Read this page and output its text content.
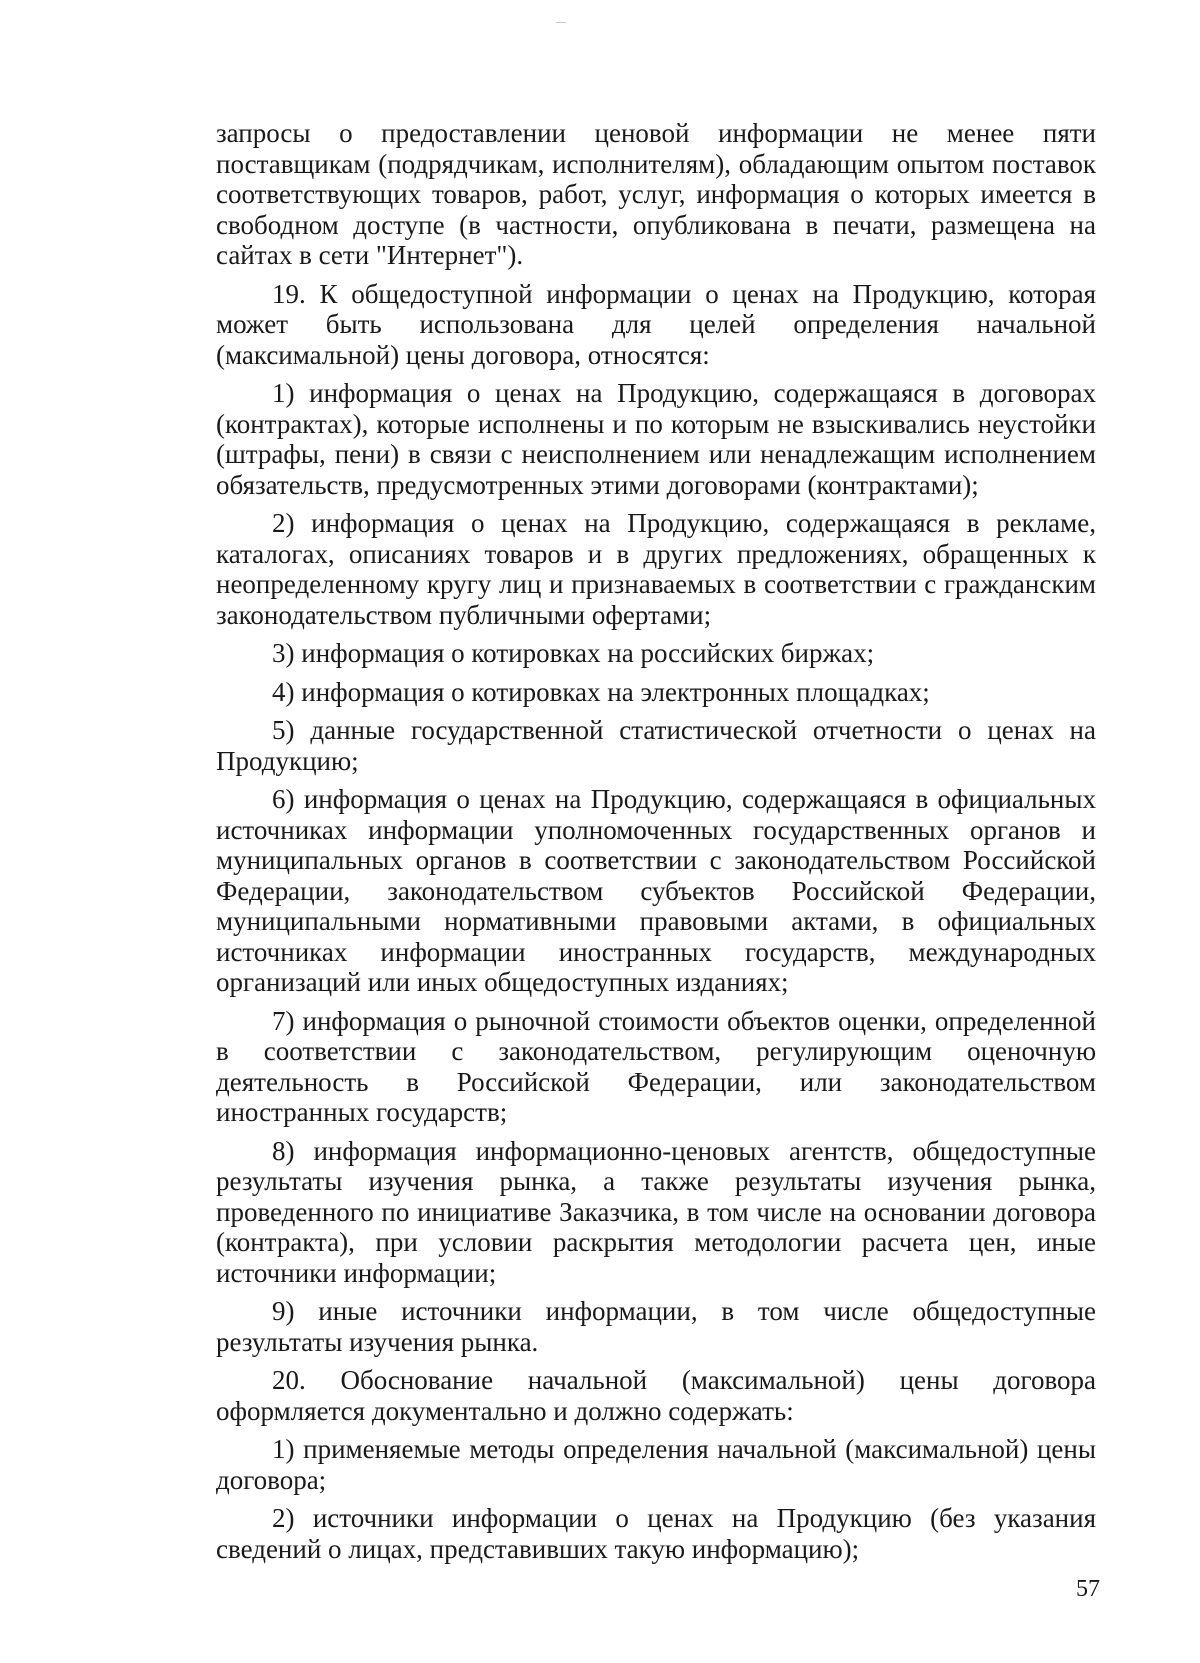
запросы о предоставлении ценовой информации не менее пяти поставщикам (подрядчикам, исполнителям), обладающим опытом поставок соответствующих товаров, работ, услуг, информация о которых имеется в свободном доступе (в частности, опубликована в печати, размещена на сайтах в сети "Интернет").

19. К общедоступной информации о ценах на Продукцию, которая может быть использована для целей определения начальной (максимальной) цены договора, относятся:

1) информация о ценах на Продукцию, содержащаяся в договорах (контрактах), которые исполнены и по которым не взыскивались неустойки (штрафы, пени) в связи с неисполнением или ненадлежащим исполнением обязательств, предусмотренных этими договорами (контрактами);

2) информация о ценах на Продукцию, содержащаяся в рекламе, каталогах, описаниях товаров и в других предложениях, обращенных к неопределенному кругу лиц и признаваемых в соответствии с гражданским законодательством публичными офертами;

3) информация о котировках на российских биржах;

4) информация о котировках на электронных площадках;

5) данные государственной статистической отчетности о ценах на Продукцию;

6) информация о ценах на Продукцию, содержащаяся в официальных источниках информации уполномоченных государственных органов и муниципальных органов в соответствии с законодательством Российской Федерации, законодательством субъектов Российской Федерации, муниципальными нормативными правовыми актами, в официальных источниках информации иностранных государств, международных организаций или иных общедоступных изданиях;

7) информация о рыночной стоимости объектов оценки, определенной в соответствии с законодательством, регулирующим оценочную деятельность в Российской Федерации, или законодательством иностранных государств;

8) информация информационно-ценовых агентств, общедоступные результаты изучения рынка, а также результаты изучения рынка, проведенного по инициативе Заказчика, в том числе на основании договора (контракта), при условии раскрытия методологии расчета цен, иные источники информации;

9) иные источники информации, в том числе общедоступные результаты изучения рынка.

20. Обоснование начальной (максимальной) цены договора оформляется документально и должно содержать:

1) применяемые методы определения начальной (максимальной) цены договора;

2) источники информации о ценах на Продукцию (без указания сведений о лицах, представивших такую информацию);

57
